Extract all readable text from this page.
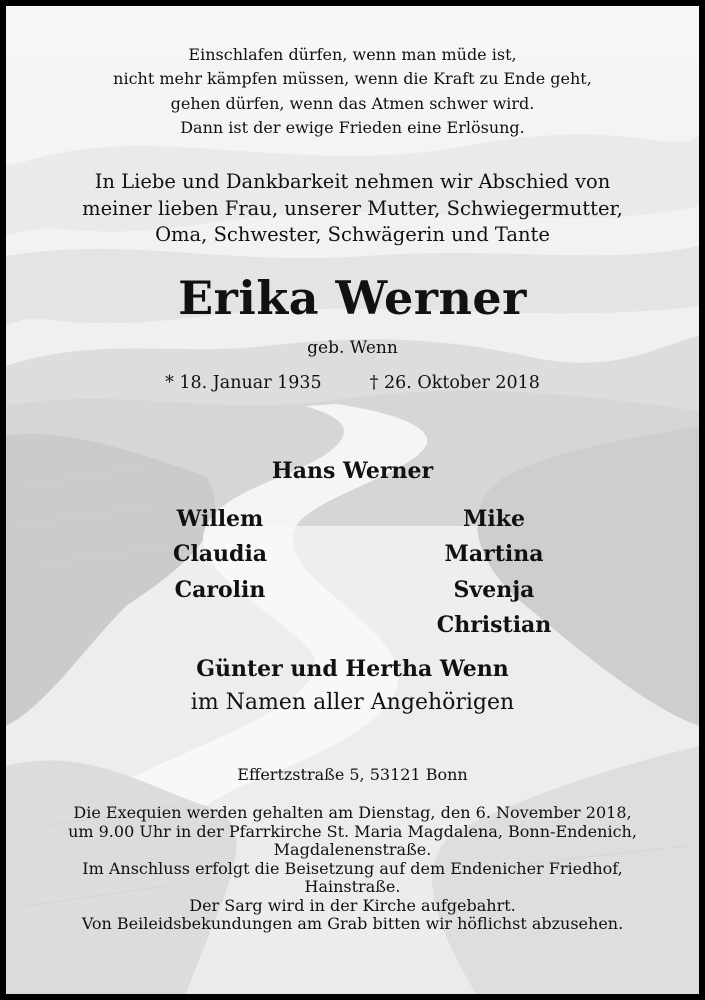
Einschlafen dürfen, wenn man müde ist,
nicht mehr kämpfen müssen, wenn die Kraft zu Ende geht,
gehen dürfen, wenn das Atmen schwer wird.
Dann ist der ewige Frieden eine Erlösung.
In Liebe und Dankbarkeit nehmen wir Abschied von
meiner lieben Frau, unserer Mutter, Schwiegermutter,
Oma, Schwester, Schwägerin und Tante
Erika Werner
geb. Wenn
* 18. Januar 1935	† 26. Oktober 2018
Hans Werner
Willem
Claudia
Carolin
Mike
Martina
Svenja
Christian
Günter und Hertha Wenn
im Namen aller Angehörigen
Effertzstraße 5, 53121 Bonn
Die Exequien werden gehalten am Dienstag, den 6. November 2018,
um 9.00 Uhr in der Pfarrkirche St. Maria Magdalena, Bonn-Endenich,
Magdalenenstraße.
Im Anschluss erfolgt die Beisetzung auf dem Endenicher Friedhof,
Hainstraße.
Der Sarg wird in der Kirche aufgebahrt.
Von Beileidsbekundungen am Grab bitten wir höflichst abzusehen.
